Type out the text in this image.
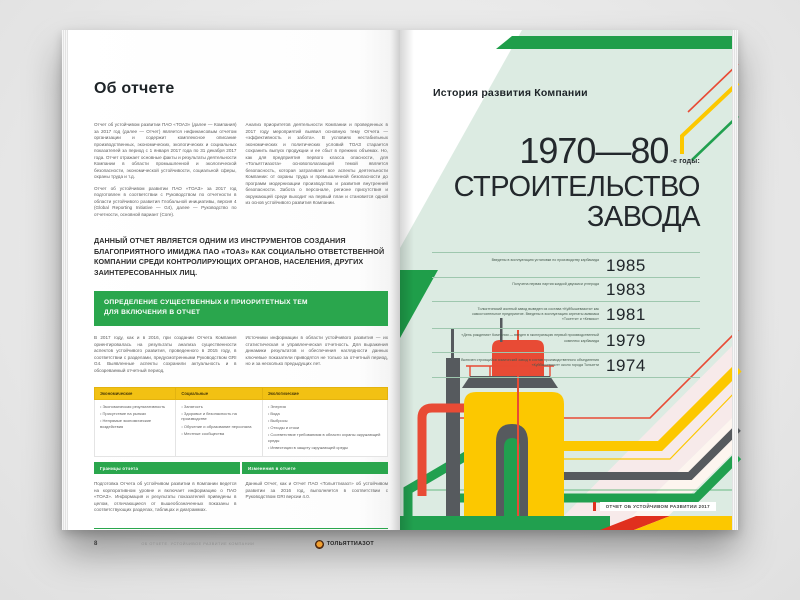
Об отчете

Отчет об устойчивом развитии ПАО «ТОАЗ» (далее — Компания) за 2017 год (далее — Отчет) является нефинансовым отчетом организации и содержит комплексное описание производственных, экономических, экологических и социальных показателей за период с 1 января 2017 года по 31 декабря 2017 года. Отчет отражает основные факты и результаты деятельности Компании в области промышленной и экологической безопасности, экономической устойчивости, социальной сферы, охраны труда и т.д.

Отчет об устойчивом развитии ПАО «ТОАЗ» за 2017 год подготовлен в соответствии с Руководством по отчетности в области устойчивого развития Глобальной инициативы, версия 4 (Global Reporting Initiative — G4), далее — Руководство по отчетности, основной вариант (Core).

Анализ приоритетов деятельности Компании и проведенных в 2017 году мероприятий выявил основную тему Отчета — «эффективность и забота». В условиях нестабильных экономических и политических условий ТОАЗ старается сохранить выпуск продукции и ее сбыт в прежних объемах. Но, как для предприятия первого класса опасности, для «Тольяттиазота» основополагающей темой является безопасность, которая затрагивает все аспекты деятельности Компании: от охраны труда и промышленной безопасности до программ модернизации производства и развития внутренней безопасности. Забота о персонале, регионе присутствия и окружающей среде выходит на первый план и становится одной из основ устойчивого развития Компании.

ДАННЫЙ ОТЧЕТ ЯВЛЯЕТСЯ ОДНИМ ИЗ ИНСТРУМЕНТОВ СОЗДАНИЯ БЛАГОПРИЯТНОГО ИМИДЖА ПАО «ТОАЗ» КАК СОЦИАЛЬНО ОТВЕТСТВЕННОЙ КОМПАНИИ СРЕДИ КОНТРОЛИРУЮЩИХ ОРГАНОВ, НАСЕЛЕНИЯ, ДРУГИХ ЗАИНТЕРЕСОВАННЫХ ЛИЦ.
ОПРЕДЕЛЕНИЕ СУЩЕСТВЕННЫХ И ПРИОРИТЕТНЫХ ТЕМ
ДЛЯ ВКЛЮЧЕНИЯ В ОТЧЕТ

В 2017 году, как и в 2016, при создании Отчета Компания ориентировалась на результаты анализа существенности аспектов устойчивого развития, проведенного в 2015 году, в соответствии с разделами, предусмотренными Руководством GRI G4. Выявленные аспекты сохранили актуальность и в обозреваемый отчетный период.

Источники информации в области устойчивого развития — их статистическая и управленческая отчетность. Для выражения динамики результатов и обеспечения наглядности данных ключевые показатели приводятся не только за отчетный период, но и за несколько предыдущих лет.

Экономические	Социальные	Экологические

• Экономическая результативность
• Присутствие на рынках
• Непрямые экономические воздействия

• Занятость
• Здоровье и безопасность на производстве
• Обучение и образование персонала
• Местные сообщества

• Энергия
• Вода
• Выбросы
• Отходы и стоки
• Соответствие требованиям в области охраны окружающей среды
• Инвестиции в защиту окружающей среды
Границы отчета	Изменения в отчете

Подготовка Отчета об устойчивом развитии в Компании ведется на корпоративном уровне и включает информацию о ПАО «ТОАЗ». Информация и результаты показателей приведены в целом, отличающиеся от вышеобозначенных показаны в соответствующих разделах, таблицах и диаграммах.

Данный Отчет, как и Отчет ПАО «Тольяттиазот» об устойчивом развитии за 2016 год, выполняется в соответствии с Руководством GRI версии 4.0.

8	ОБ ОТЧЕТЕ. УСТОЙЧИВОЕ РАЗВИТИЕ КОМПАНИИ	ТОЛЬЯТТИАЗОТ
История развития Компании
1970—80 -е годы:
СТРОИТЕЛЬСТВО
ЗАВОДА
Введены в эксплуатацию установки по производству карбамида 1985
Получена первая партия жидкой двуокиси углерода 1983
Тольяттинский азотный завод выведен из состава «Куйбышевазота» как самостоятельное предприятие. Введены в эксплуатацию агрегаты аммиака «Тосетти» и «Кемико» 1981
«День рождения» Компании — введен в эксплуатацию первый производственный комплекс карбамида 1979
Включен строящийся химический завод в состав производственного объединения «Куйбышевазот» около города Тольятти 1974
ОТЧЕТ ОБ УСТОЙЧИВОМ РАЗВИТИИ 2017
